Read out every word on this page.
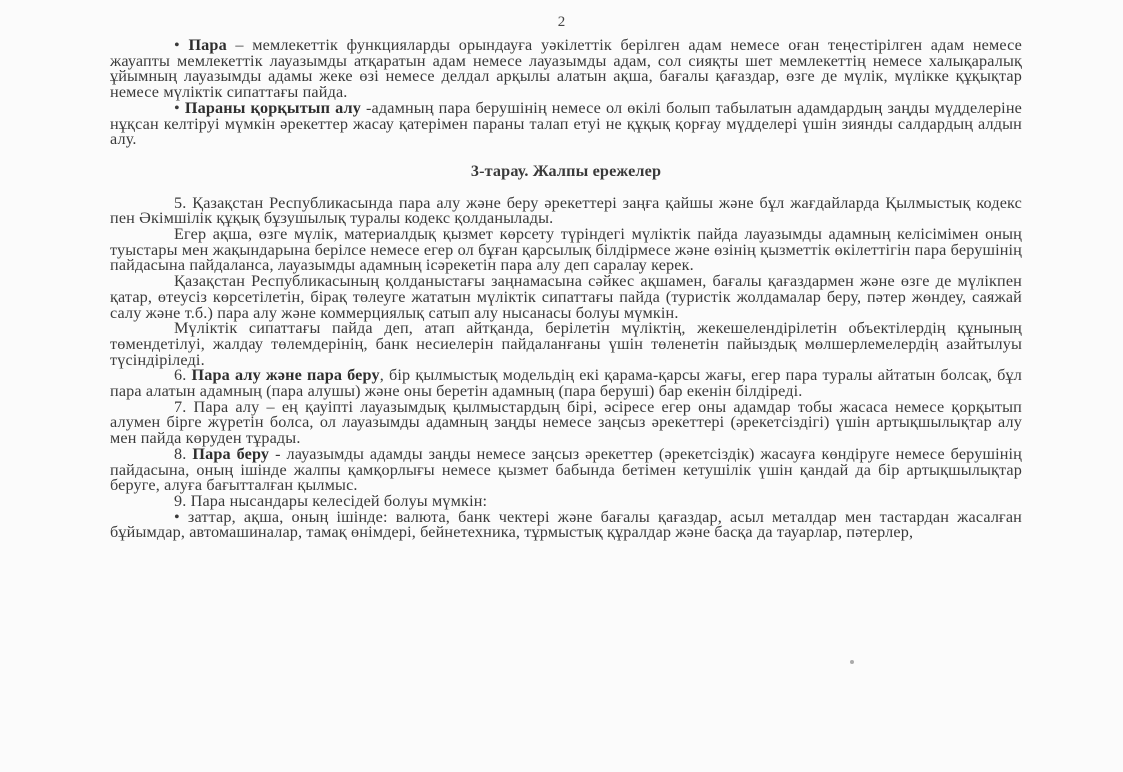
2

• Пара – мемлекеттік функцияларды орындауға уәкілеттік берілген адам немесе оған теңестірілген адам немесе жауапты мемлекеттік лауазымды атқаратын адам немесе лауазымды адам, сол сияқты шет мемлекеттің немесе халықаралық ұйымның лауазымды адамы жеке өзі немесе делдал арқылы алатын ақша, бағалы қағаздар, өзге де мүлік, мүлікке құқықтар немесе мүліктік сипаттағы пайда.

• Параны қорқытып алу -адамның пара берушінің немесе ол өкілі болып табылатын адамдардың заңды мүдделеріне нұқсан келтіруі мүмкін әрекеттер жасау қатерімен параны талап етуі не құқық қорғау мүдделері үшін зиянды салдардың алдын алу.

3-тарау. Жалпы ережелер

5. Қазақстан Республикасында пара алу және беру әрекеттері заңға қайшы және бұл жағдайларда Қылмыстық кодекс пен Әкімшілік құқық бұзушылық туралы кодекс қолданылады.

Егер ақша, өзге мүлік, материалдық қызмет көрсету түріндегі мүліктік пайда лауазымды адамның келісімімен оның туыстары мен жақындарына берілсе немесе егер ол бұған қарсылық білдірмесе және өзінің қызметтік өкілеттігін пара берушінің пайдасына пайдаланса, лауазымды адамның ісәрекетін пара алу деп саралау керек.

Қазақстан Республикасының қолданыстағы заңнамасына сәйкес ақшамен, бағалы қағаздармен және өзге де мүлікпен қатар, өтеусіз көрсетілетін, бірақ төлеуге жататын мүліктік сипаттағы пайда (туристік жолдамалар беру, пәтер жөндеу, саяжай салу және т.б.) пара алу және коммерциялық сатып алу нысанасы болуы мүмкін.

Мүліктік сипаттағы пайда деп, атап айтқанда, берілетін мүліктің, жекешелендірілетін объектілердің құнының төмендетілуі, жалдау төлемдерінің, банк несиелерін пайдаланғаны үшін төленетін пайыздық мөлшерлемелердің азайтылуы түсіндіріледі.

6. Пара алу және пара беру, бір қылмыстық модельдің екі қарама-қарсы жағы, егер пара туралы айтатын болсақ, бұл пара алатын адамның (пара алушы) және оны беретін адамның (пара беруші) бар екенін білдіреді.

7. Пара алу – ең қауіпті лауазымдық қылмыстардың бірі, әсіресе егер оны адамдар тобы жасаса немесе қорқытып алумен бірге жүретін болса, ол лауазымды адамның заңды немесе заңсыз әрекеттері (әрекетсіздігі) үшін артықшылықтар алу мен пайда көруден тұрады.

8. Пара беру - лауазымды адамды заңды немесе заңсыз әрекеттер (әрекетсіздік) жасауға көндіруге немесе берушінің пайдасына, оның ішінде жалпы қамқорлығы немесе қызмет бабында бетімен кетушілік үшін қандай да бір артықшылықтар беруге, алуға бағытталған қылмыс.

9. Пара нысандары келесідей болуы мүмкін:

• заттар, ақша, оның ішінде: валюта, банк чектері және бағалы қағаздар, асыл металдар мен тастардан жасалған бұйымдар, автомашиналар, тамақ өнімдері, бейнетехника, тұрмыстық құралдар және басқа да тауарлар, пәтерлер,
